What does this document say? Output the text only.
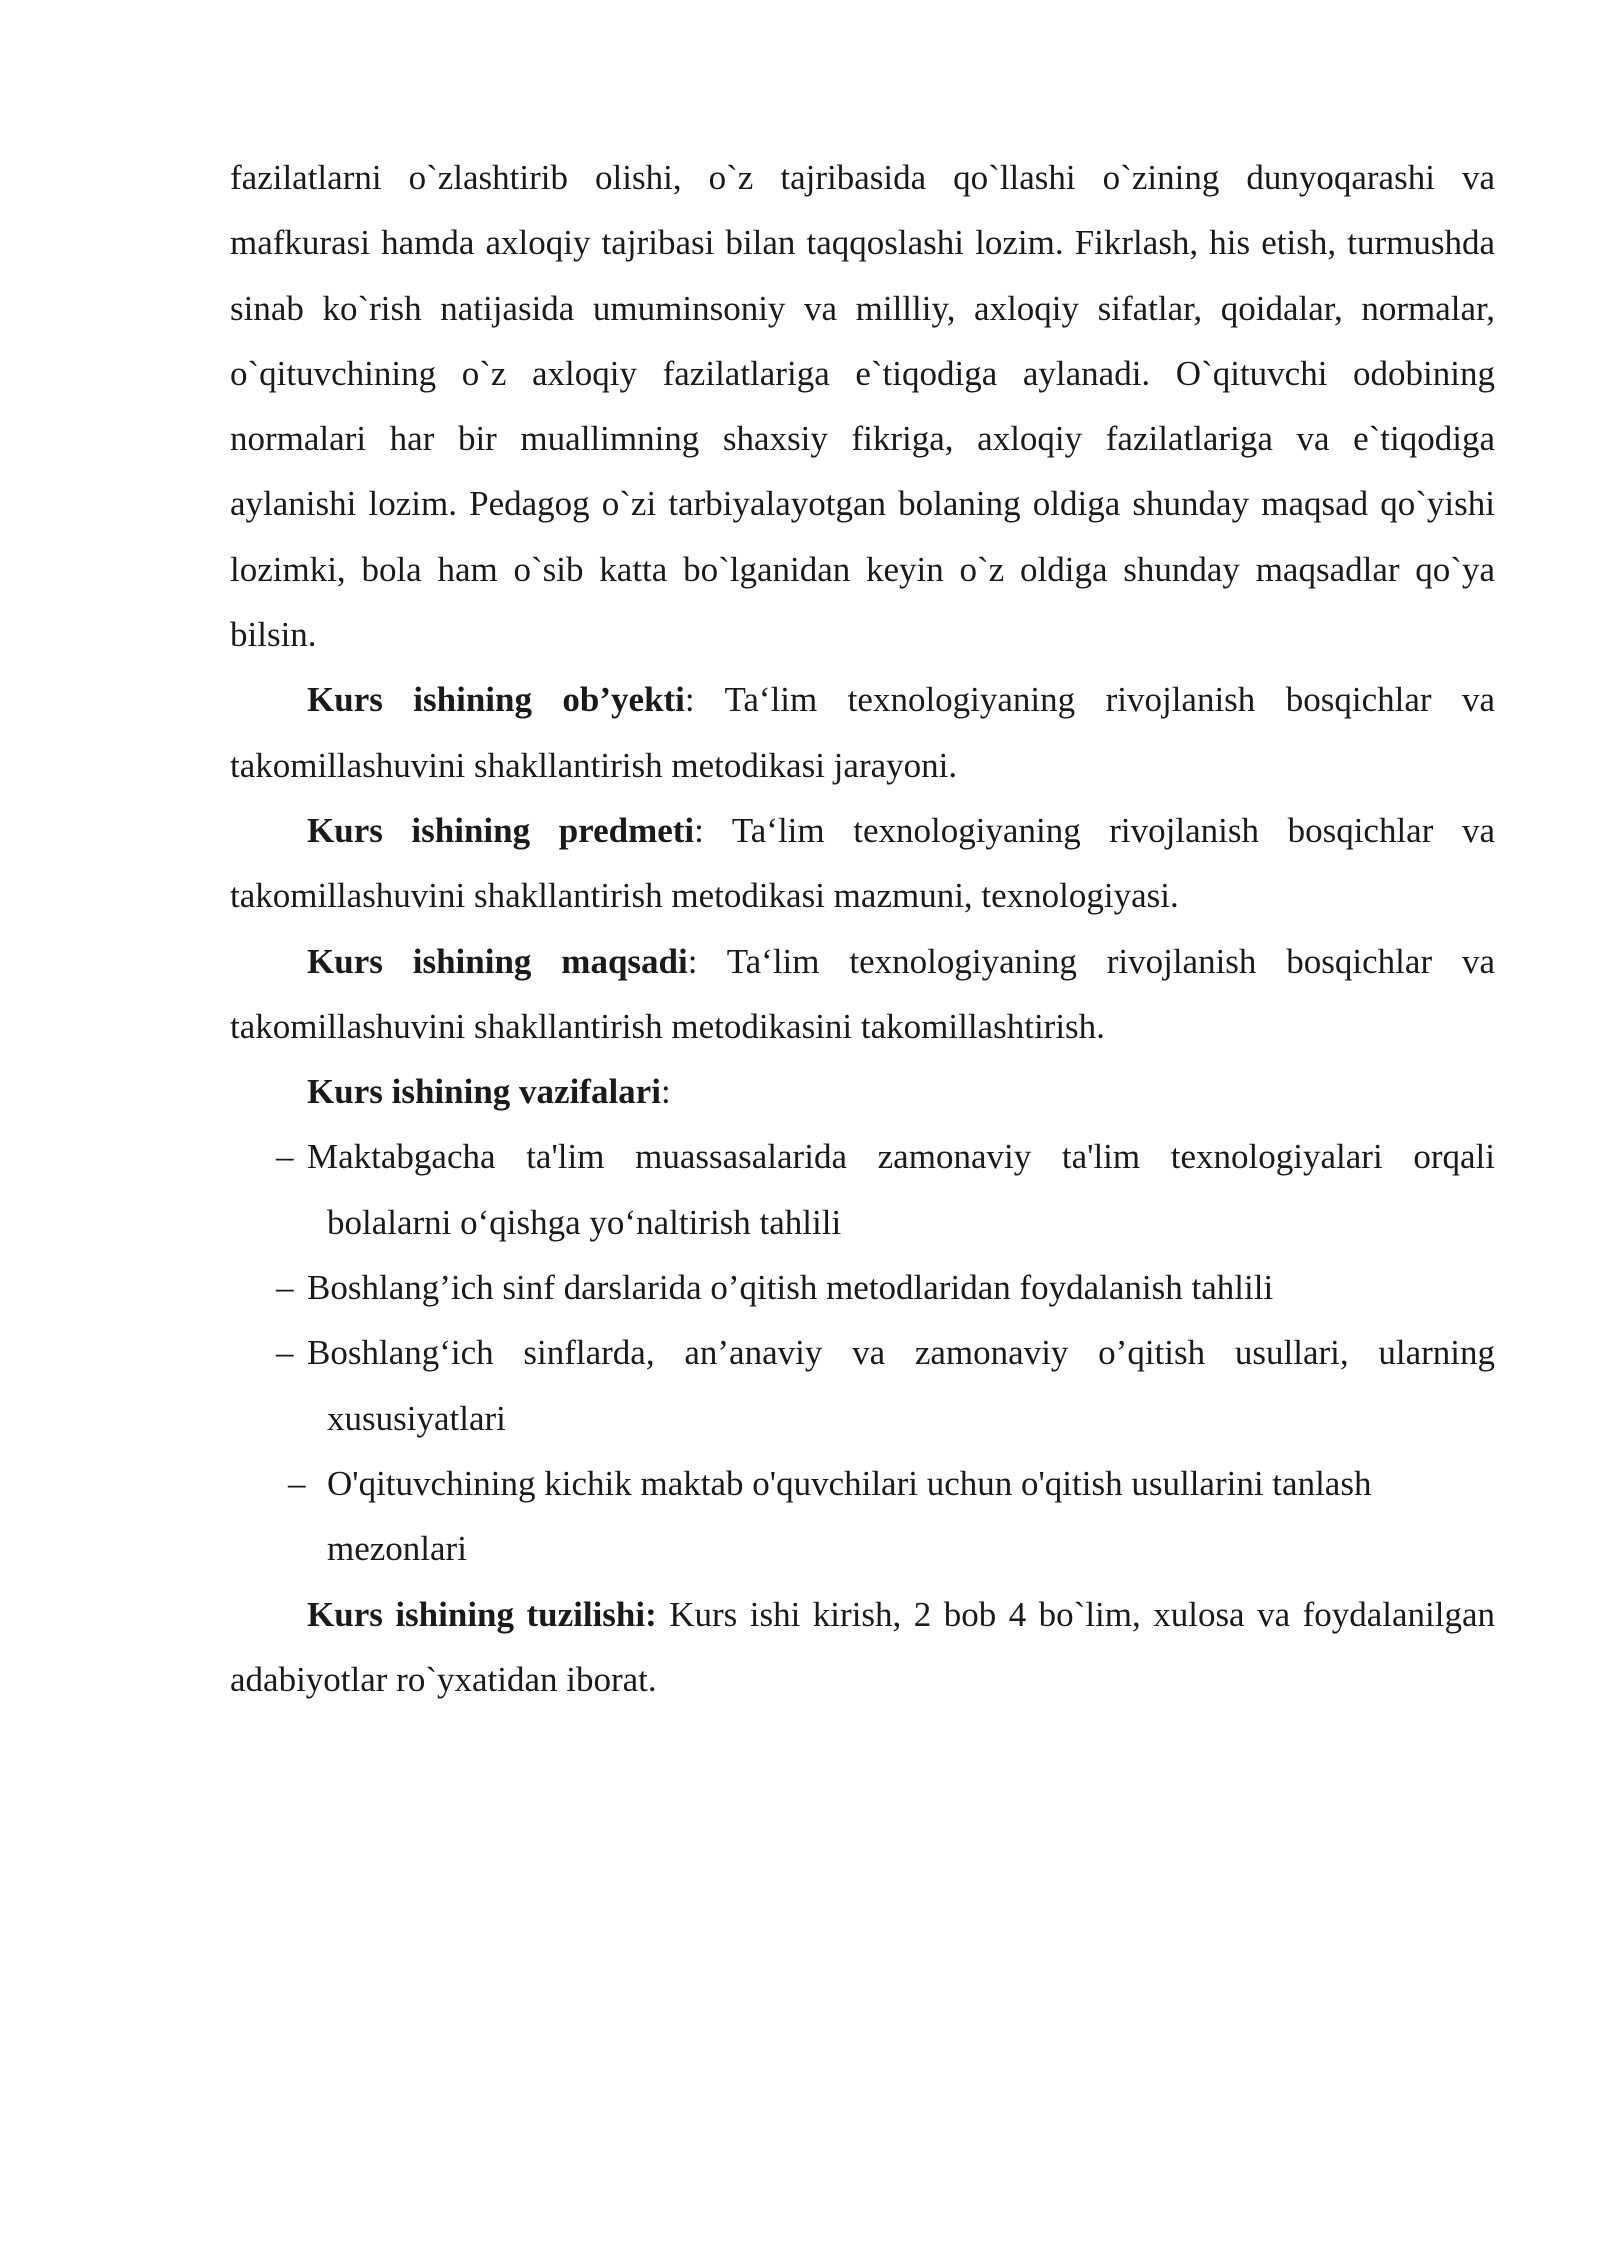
fazilatlarni o`zlashtirib olishi, o`z tajribasida qo`llashi o`zining dunyoqarashi va mafkurasi hamda axloqiy tajribasi bilan taqqoslashi lozim. Fikrlash, his etish, turmushda sinab ko`rish natijasida umuminsoniy va millliy, axloqiy sifatlar, qoidalar, normalar, o`qituvchining o`z axloqiy fazilatlariga e`tiqodiga aylanadi. O`qituvchi odobining normalari har bir muallimning shaxsiy fikriga, axloqiy fazilatlariga va e`tiqodiga aylanishi lozim. Pedagog o`zi tarbiyalayotgan bolaning oldiga shunday maqsad qo`yishi lozimki, bola ham o`sib katta bo`lganidan keyin o`z oldiga shunday maqsadlar qo`ya bilsin.

Kurs ishining ob’yekti: Ta‘lim texnologiyaning rivojlanish bosqichlar va takomillashuvini shakllantirish metodikasi jarayoni.

Kurs ishining predmeti: Ta‘lim texnologiyaning rivojlanish bosqichlar va takomillashuvini shakllantirish metodikasi mazmuni, texnologiyasi.

Kurs ishining maqsadi: Ta‘lim texnologiyaning rivojlanish bosqichlar va takomillashuvini shakllantirish metodikasini takomillashtirish.

Kurs ishining vazifalari:

– Maktabgacha ta'lim muassasalarida zamonaviy ta'lim texnologiyalari orqali bolalarni o‘qishga yo‘naltirish tahlili
– Boshlang’ich sinf darslarida o’qitish metodlaridan foydalanish tahlili
– Boshlang‘ich sinflarda, an’anaviy va zamonaviy o’qitish usullari, ularning xususiyatlari
– O'qituvchining kichik maktab o'quvchilari uchun o'qitish usullarini tanlash mezonlari

Kurs ishining tuzilishi: Kurs ishi kirish, 2 bob 4 bo`lim, xulosa va foydalanilgan adabiyotlar ro`yxatidan iborat.
